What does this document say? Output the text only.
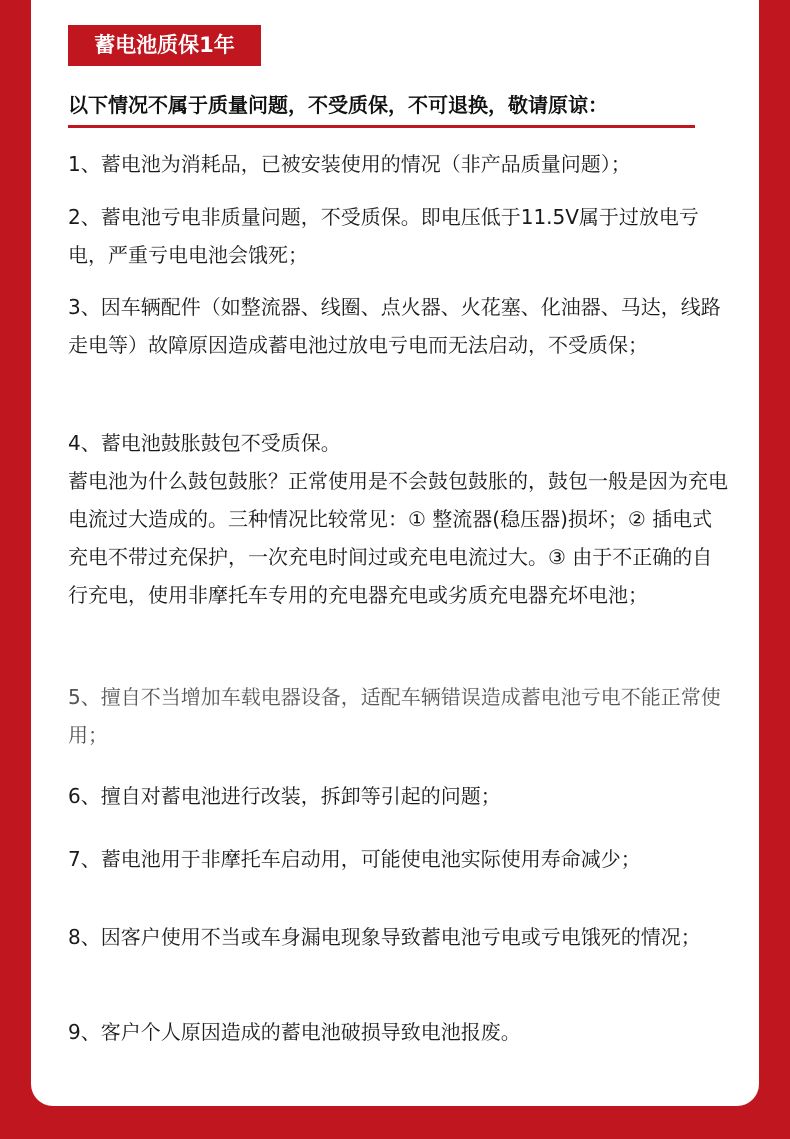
蓄电池质保1年
以下情况不属于质量问题，不受质保，不可退换，敬请原谅：
1、蓄电池为消耗品，已被安装使用的情况（非产品质量问题）；
2、蓄电池亏电非质量问题，不受质保。即电压低于11.5V属于过放电亏电，严重亏电电池会饿死；
3、因车辆配件（如整流器、线圈、点火器、火花塞、化油器、马达，线路走电等）故障原因造成蓄电池过放电亏电而无法启动，不受质保；
4、蓄电池鼓胀鼓包不受质保。
蓄电池为什么鼓包鼓胀？正常使用是不会鼓包鼓胀的，鼓包一般是因为充电电流过大造成的。三种情况比较常见：① 整流器(稳压器)损坏；② 插电式充电不带过充保护，一次充电时间过或充电电流过大。③ 由于不正确的自行充电，使用非摩托车专用的充电器充电或劣质充电器充坏电池；
5、擅自不当增加车载电器设备，适配车辆错误造成蓄电池亏电不能正常使用；
6、擅自对蓄电池进行改装，拆卸等引起的问题；
7、蓄电池用于非摩托车启动用，可能使电池实际使用寿命减少；
8、因客户使用不当或车身漏电现象导致蓄电池亏电或亏电饿死的情况；
9、客户个人原因造成的蓄电池破损导致电池报废。
